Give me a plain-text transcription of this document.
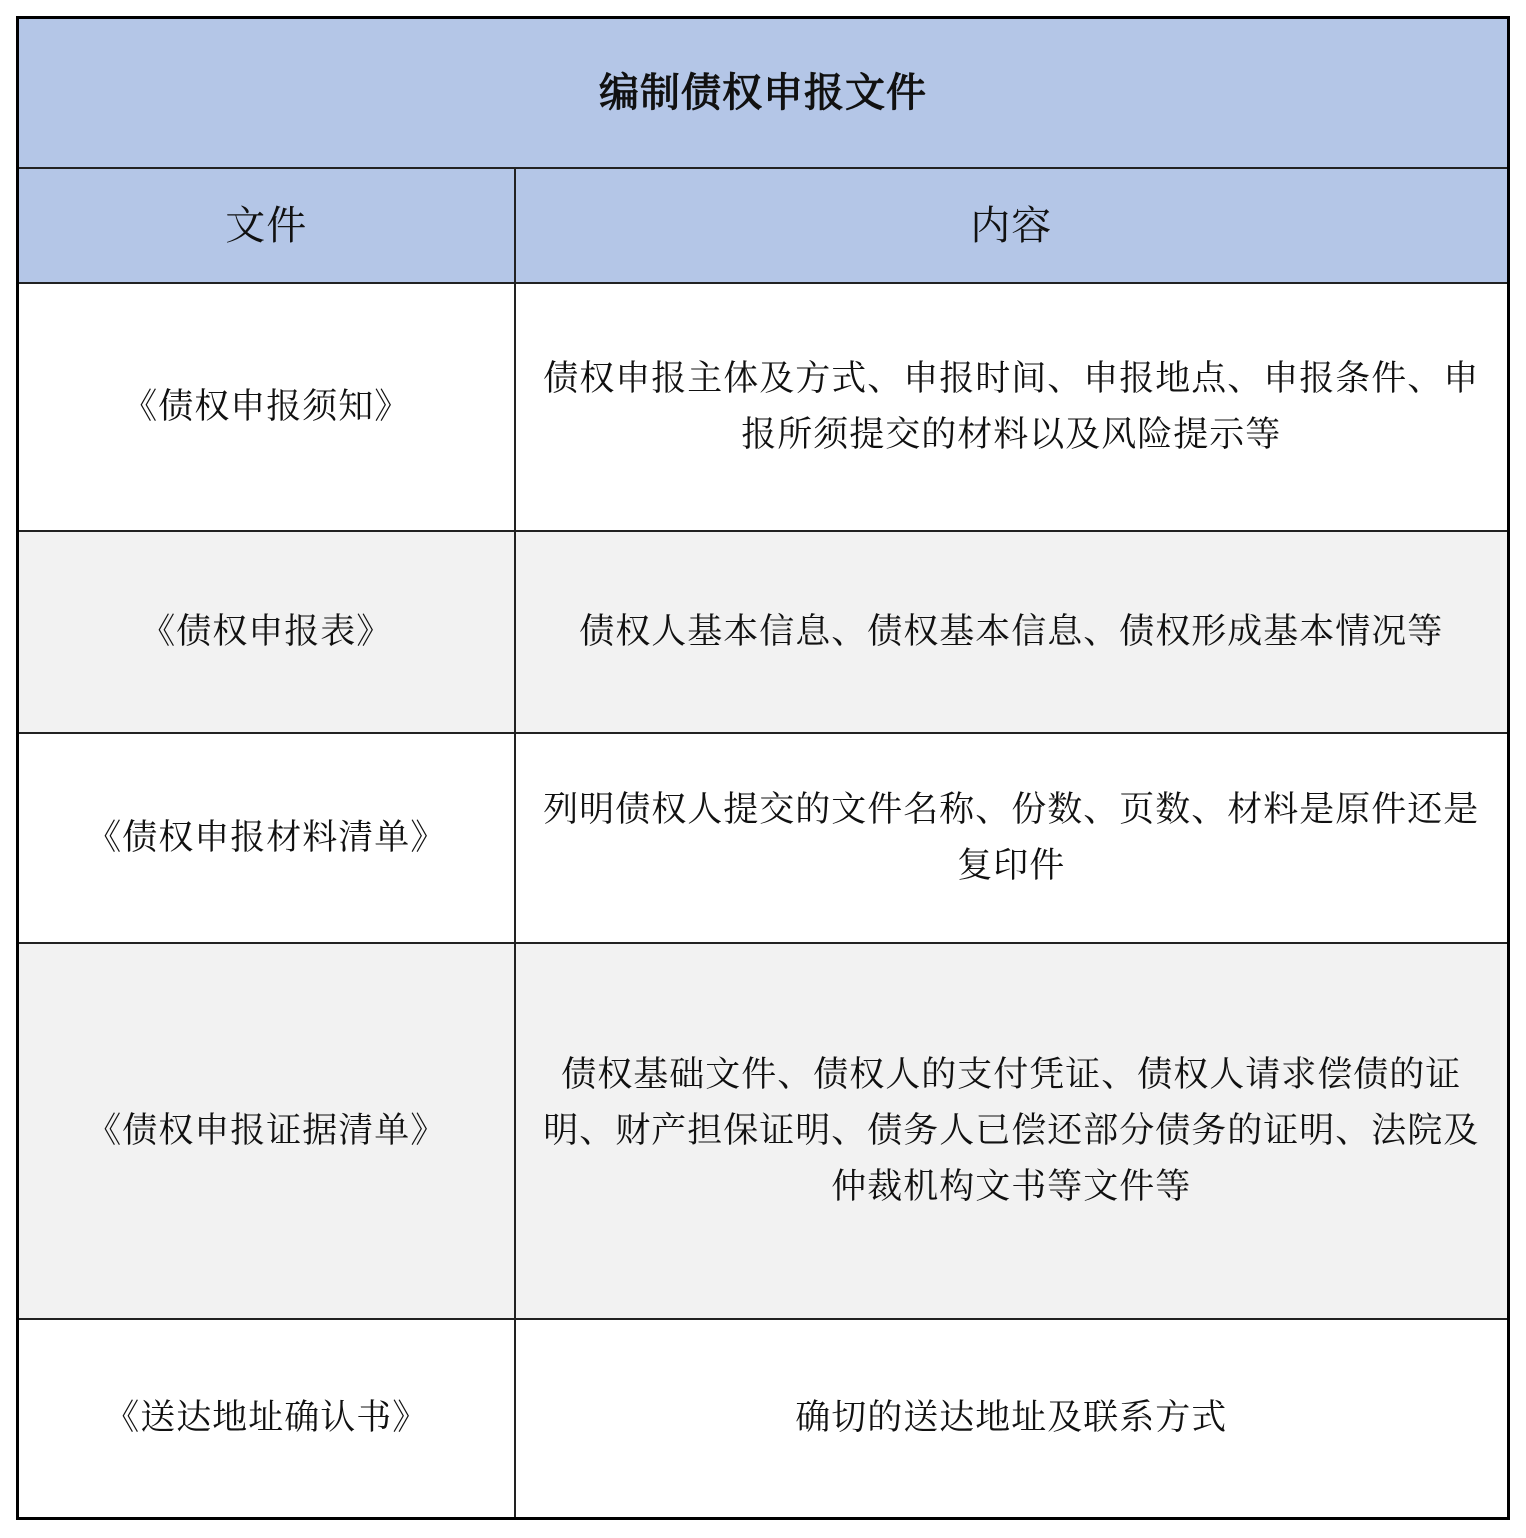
编制债权申报文件	
文件	内容
《债权申报须知》	债权申报主体及方式、申报时间、申报地点、申报条件、申报所须提交的材料以及风险提示等
《债权申报表》	债权人基本信息、债权基本信息、债权形成基本情况等
《债权申报材料清单》	列明债权人提交的文件名称、份数、页数、材料是原件还是复印件
《债权申报证据清单》	债权基础文件、债权人的支付凭证、债权人请求偿债的证明、财产担保证明、债务人已偿还部分债务的证明、法院及仲裁机构文书等文件等
《送达地址确认书》	确切的送达地址及联系方式
